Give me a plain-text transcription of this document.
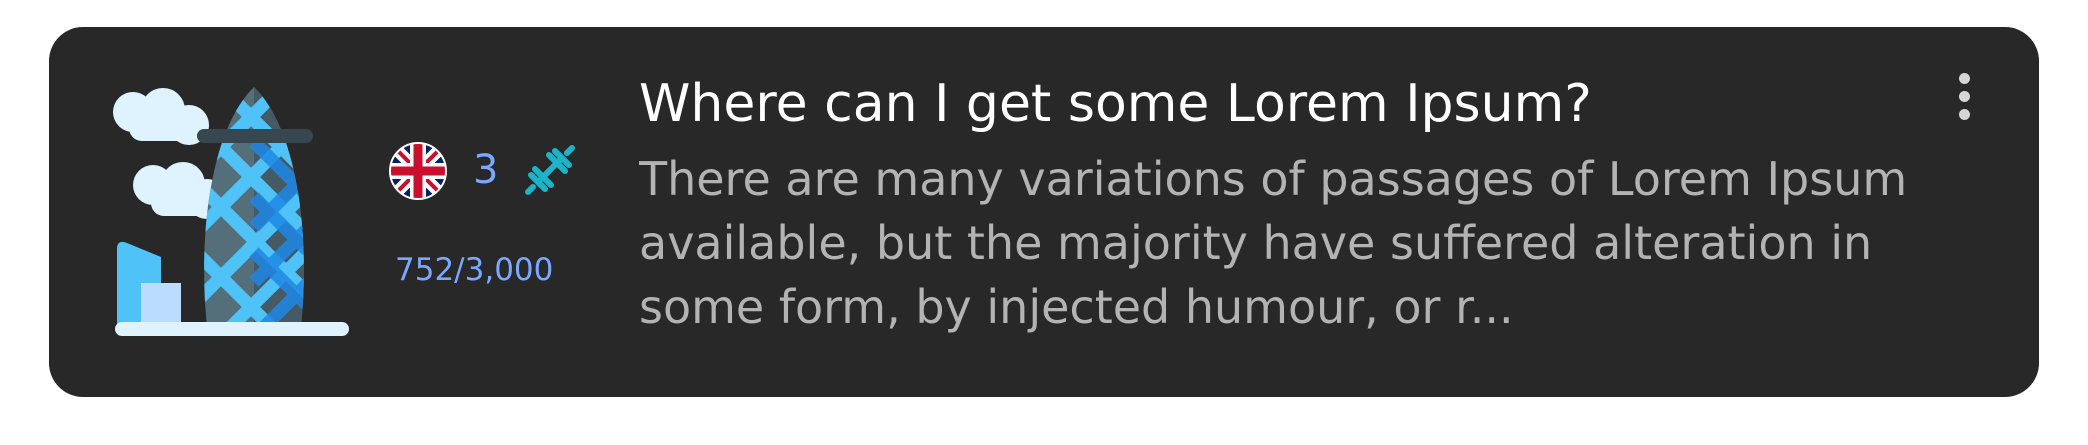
3
752/3,000
Where can I get some Lorem Ipsum?
There are many variations of passages of Lorem Ipsum available, but the majority have suffered alteration in some form, by injected humour, or r...
